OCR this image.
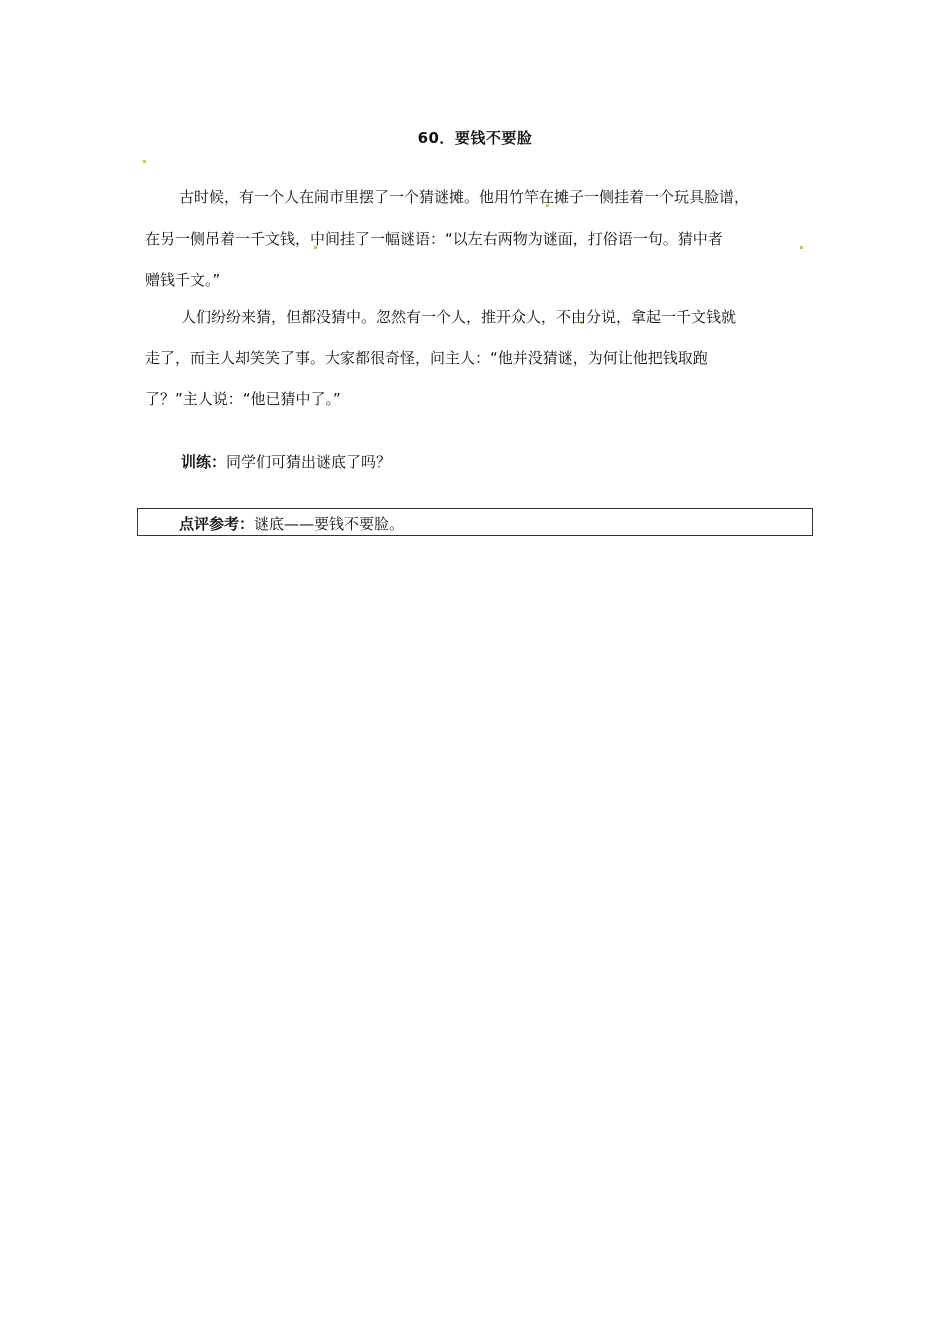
60．要钱不要脸
古时候，有一个人在闹市里摆了一个猜谜摊。他用竹竿在摊子一侧挂着一个玩具脸谱，
在另一侧吊着一千文钱，中间挂了一幅谜语：“以左右两物为谜面，打俗语一句。猜中者
赠钱千文。”
人们纷纷来猜，但都没猜中。忽然有一个人，推开众人，不由分说，拿起一千文钱就
走了，而主人却笑笑了事。大家都很奇怪，问主人：“他并没猜谜，为何让他把钱取跑
了？”主人说：“他已猜中了。”
训练：同学们可猜出谜底了吗？
点评参考：谜底——要钱不要脸。
